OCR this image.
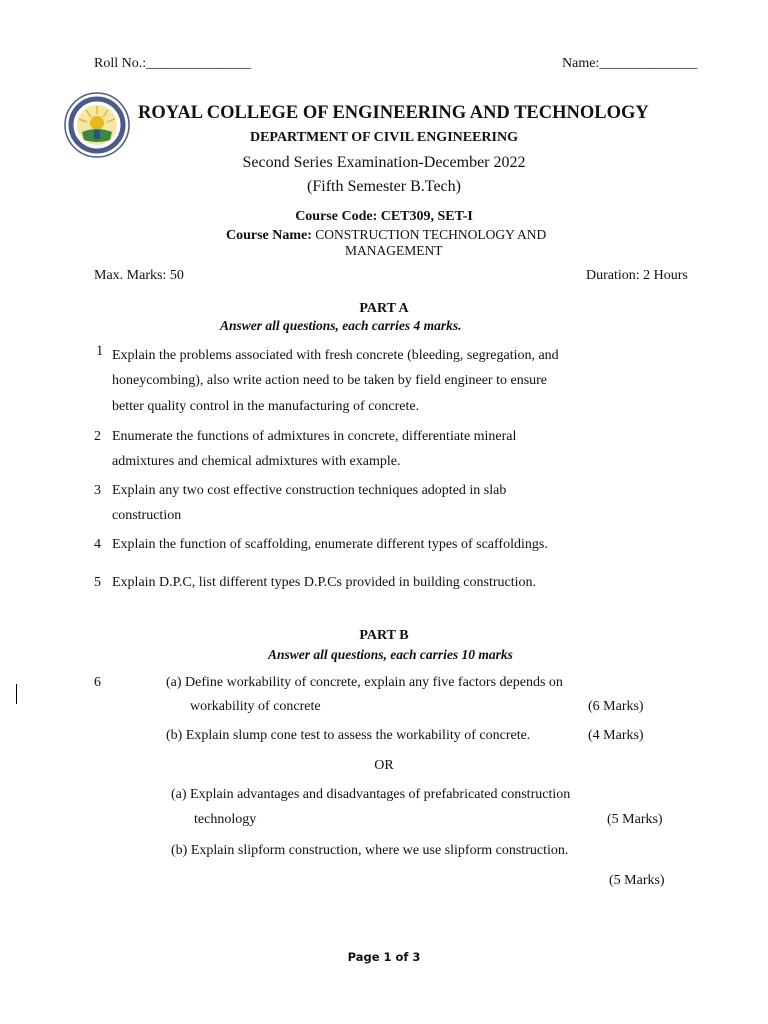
Roll No.:_______________	Name:______________
ROYAL COLLEGE OF ENGINEERING AND TECHNOLOGY
DEPARTMENT OF CIVIL ENGINEERING
Second Series Examination-December 2022
(Fifth Semester B.Tech)
Course Code: CET309, SET-I
Course Name: CONSTRUCTION TECHNOLOGY AND
MANAGEMENT
Max. Marks: 50	Duration: 2 Hours
PART A
Answer all questions, each carries 4 marks.
1 Explain the problems associated with fresh concrete (bleeding, segregation, and
honeycombing), also write action need to be taken by field engineer to ensure
better quality control in the manufacturing of concrete.
2 Enumerate the functions of admixtures in concrete, differentiate mineral
admixtures and chemical admixtures with example.
3 Explain any two cost effective construction techniques adopted in slab
construction
4 Explain the function of scaffolding, enumerate different types of scaffoldings.
5 Explain D.P.C, list different types D.P.Cs provided in building construction.
PART B
Answer all questions, each carries 10 marks
6	(a) Define workability of concrete, explain any five factors depends on
workability of concrete	(6 Marks)
(b) Explain slump cone test to assess the workability of concrete.	(4 Marks)
OR
(a) Explain advantages and disadvantages of prefabricated construction
technology	(5 Marks)
(b) Explain slipform construction, where we use slipform construction.
(5 Marks)
Page 1 of 3
